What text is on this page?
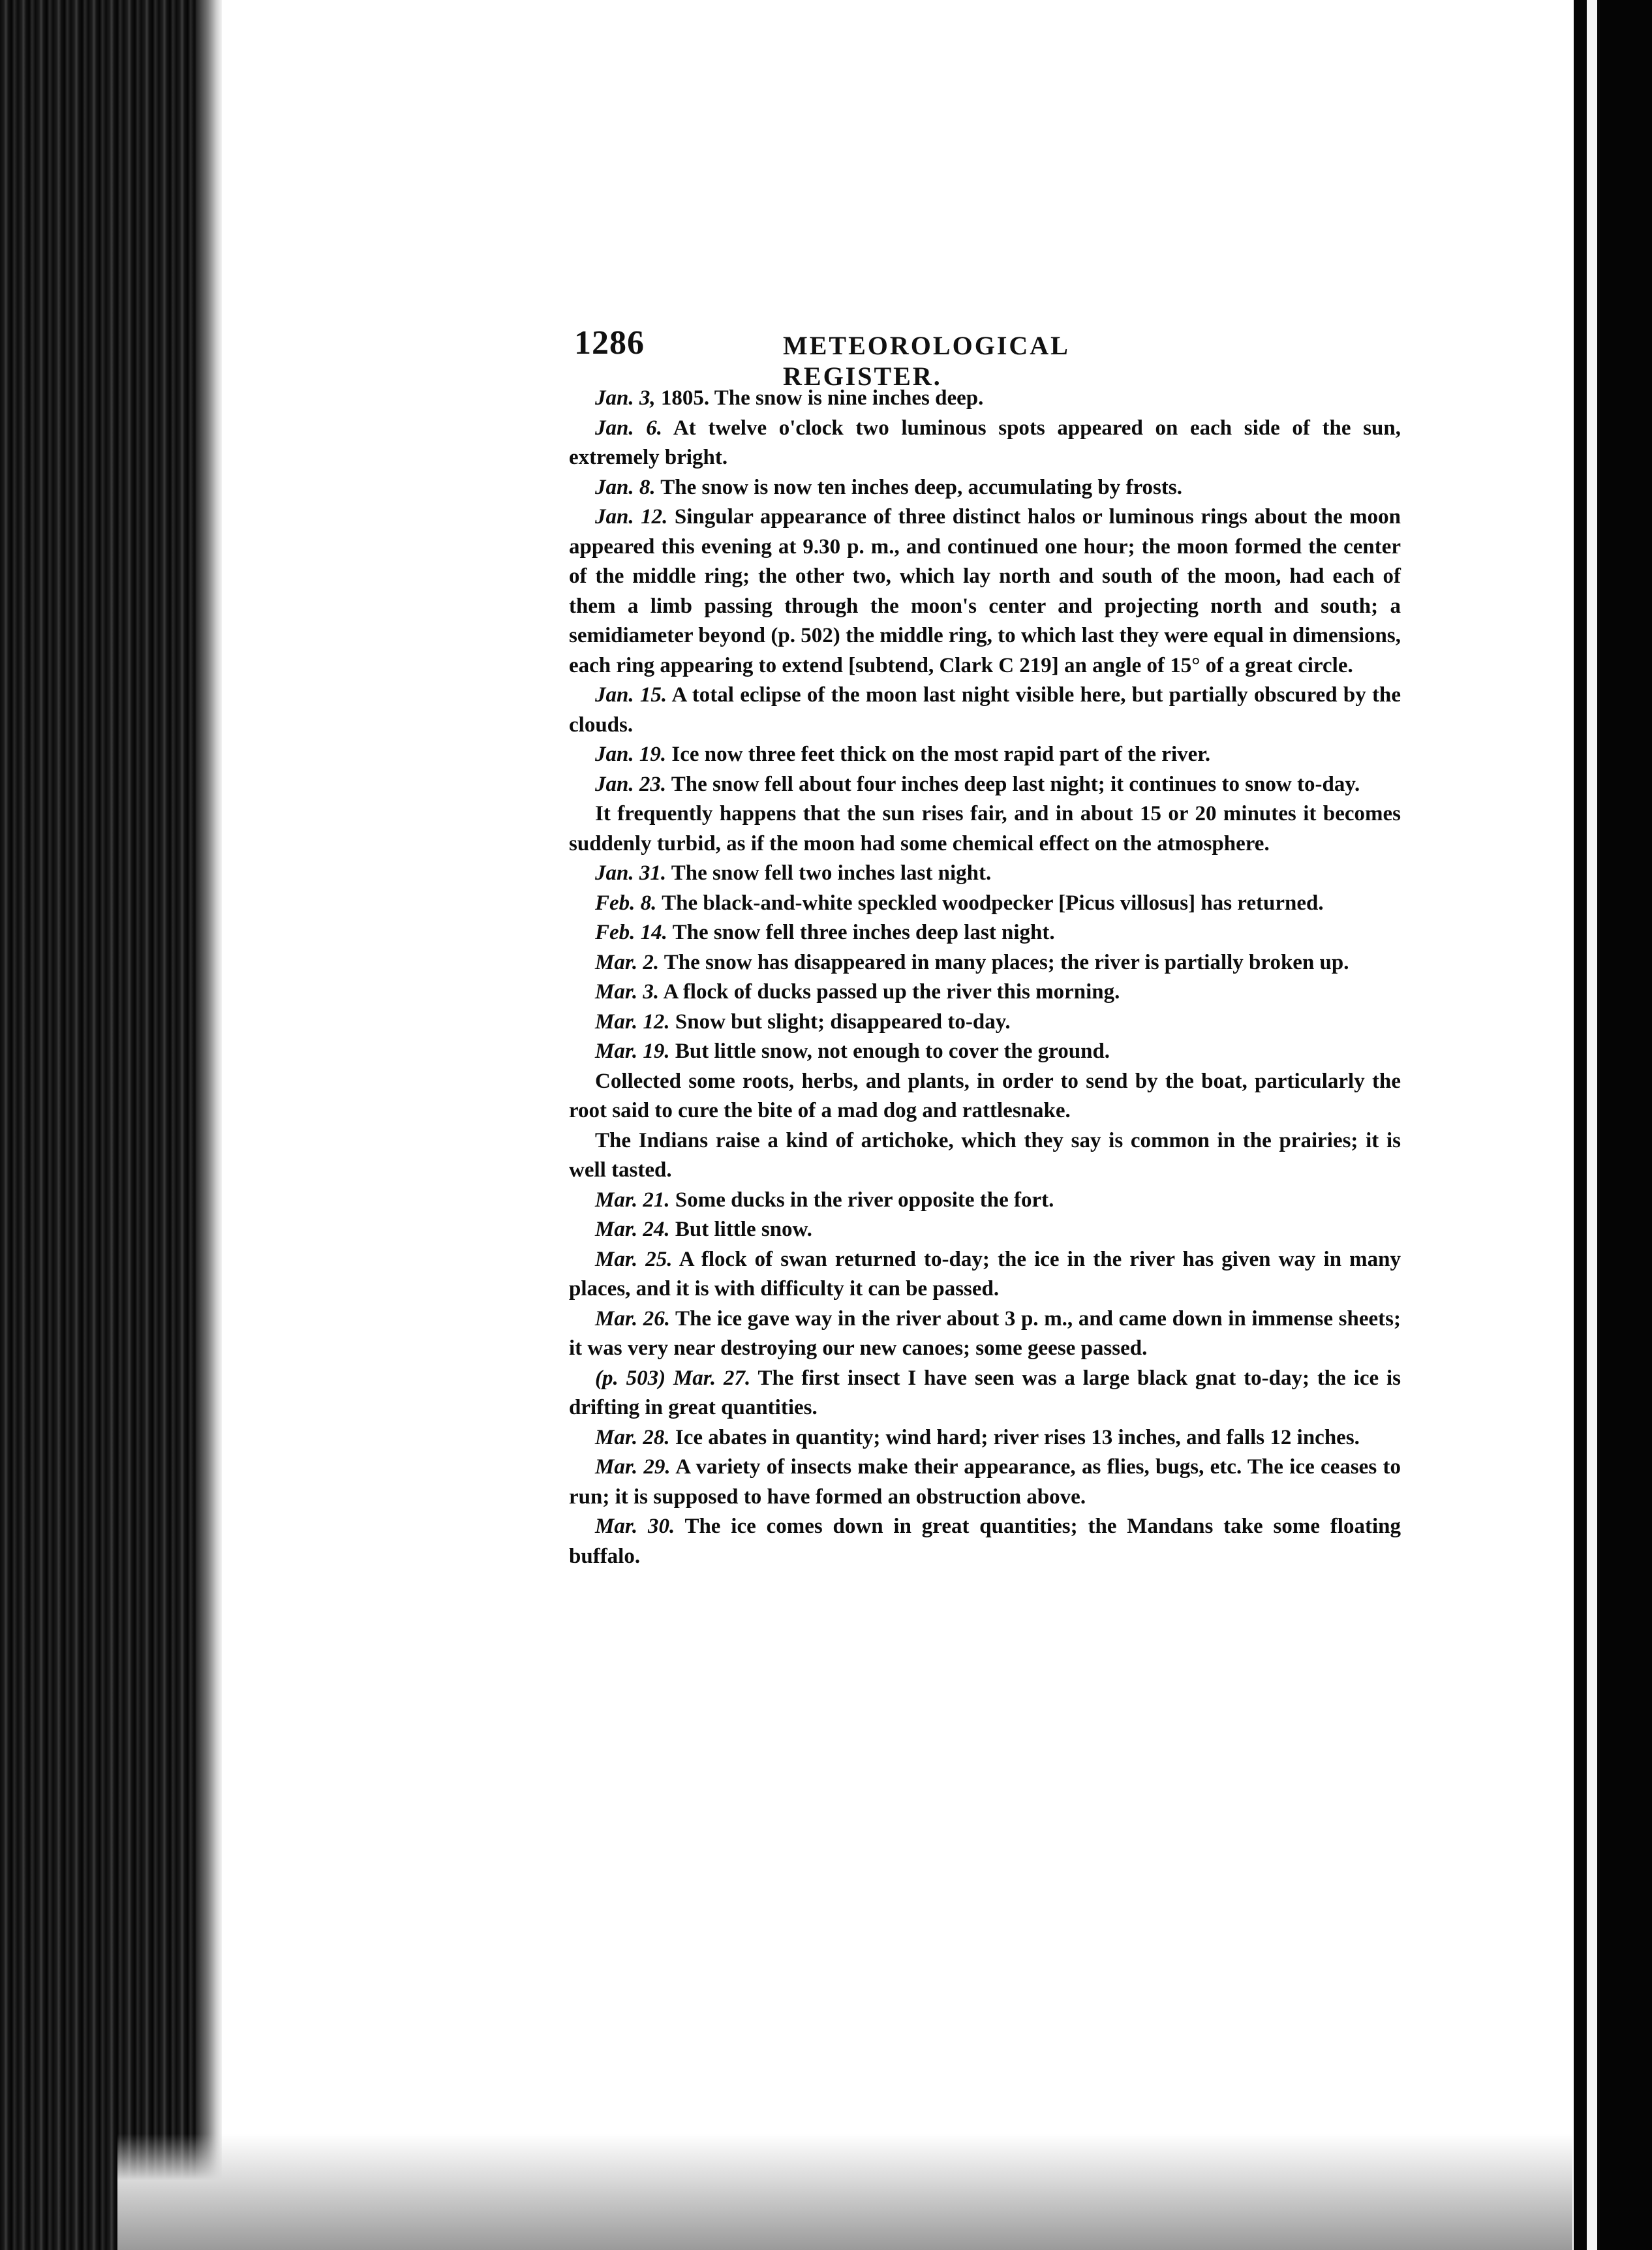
1286	METEOROLOGICAL REGISTER.

Jan. 3, 1805. The snow is nine inches deep.

Jan. 6. At twelve o'clock two luminous spots appeared on each side of the sun, extremely bright.

Jan. 8. The snow is now ten inches deep, accumulating by frosts.

Jan. 12. Singular appearance of three distinct halos or luminous rings about the moon appeared this evening at 9.30 p. m., and continued one hour; the moon formed the center of the middle ring; the other two, which lay north and south of the moon, had each of them a limb passing through the moon's center and projecting north and south; a semidiameter beyond (p. 502) the middle ring, to which last they were equal in dimensions, each ring appearing to extend [subtend, Clark C 219] an angle of 15° of a great circle.

Jan. 15. A total eclipse of the moon last night visible here, but partially obscured by the clouds.

Jan. 19. Ice now three feet thick on the most rapid part of the river.

Jan. 23. The snow fell about four inches deep last night; it continues to snow to-day.

It frequently happens that the sun rises fair, and in about 15 or 20 minutes it becomes suddenly turbid, as if the moon had some chemical effect on the atmosphere.

Jan. 31. The snow fell two inches last night.

Feb. 8. The black-and-white speckled woodpecker [Picus villosus] has returned.

Feb. 14. The snow fell three inches deep last night.

Mar. 2. The snow has disappeared in many places; the river is partially broken up.

Mar. 3. A flock of ducks passed up the river this morning.

Mar. 12. Snow but slight; disappeared to-day.

Mar. 19. But little snow, not enough to cover the ground.

Collected some roots, herbs, and plants, in order to send by the boat, particularly the root said to cure the bite of a mad dog and rattlesnake.

The Indians raise a kind of artichoke, which they say is common in the prairies; it is well tasted.

Mar. 21. Some ducks in the river opposite the fort.

Mar. 24. But little snow.

Mar. 25. A flock of swan returned to-day; the ice in the river has given way in many places, and it is with difficulty it can be passed.

Mar. 26. The ice gave way in the river about 3 p. m., and came down in immense sheets; it was very near destroying our new canoes; some geese passed.

(p. 503) Mar. 27. The first insect I have seen was a large black gnat to-day; the ice is drifting in great quantities.

Mar. 28. Ice abates in quantity; wind hard; river rises 13 inches, and falls 12 inches.

Mar. 29. A variety of insects make their appearance, as flies, bugs, etc. The ice ceases to run; it is supposed to have formed an obstruction above.

Mar. 30. The ice comes down in great quantities; the Mandans take some floating buffalo.
